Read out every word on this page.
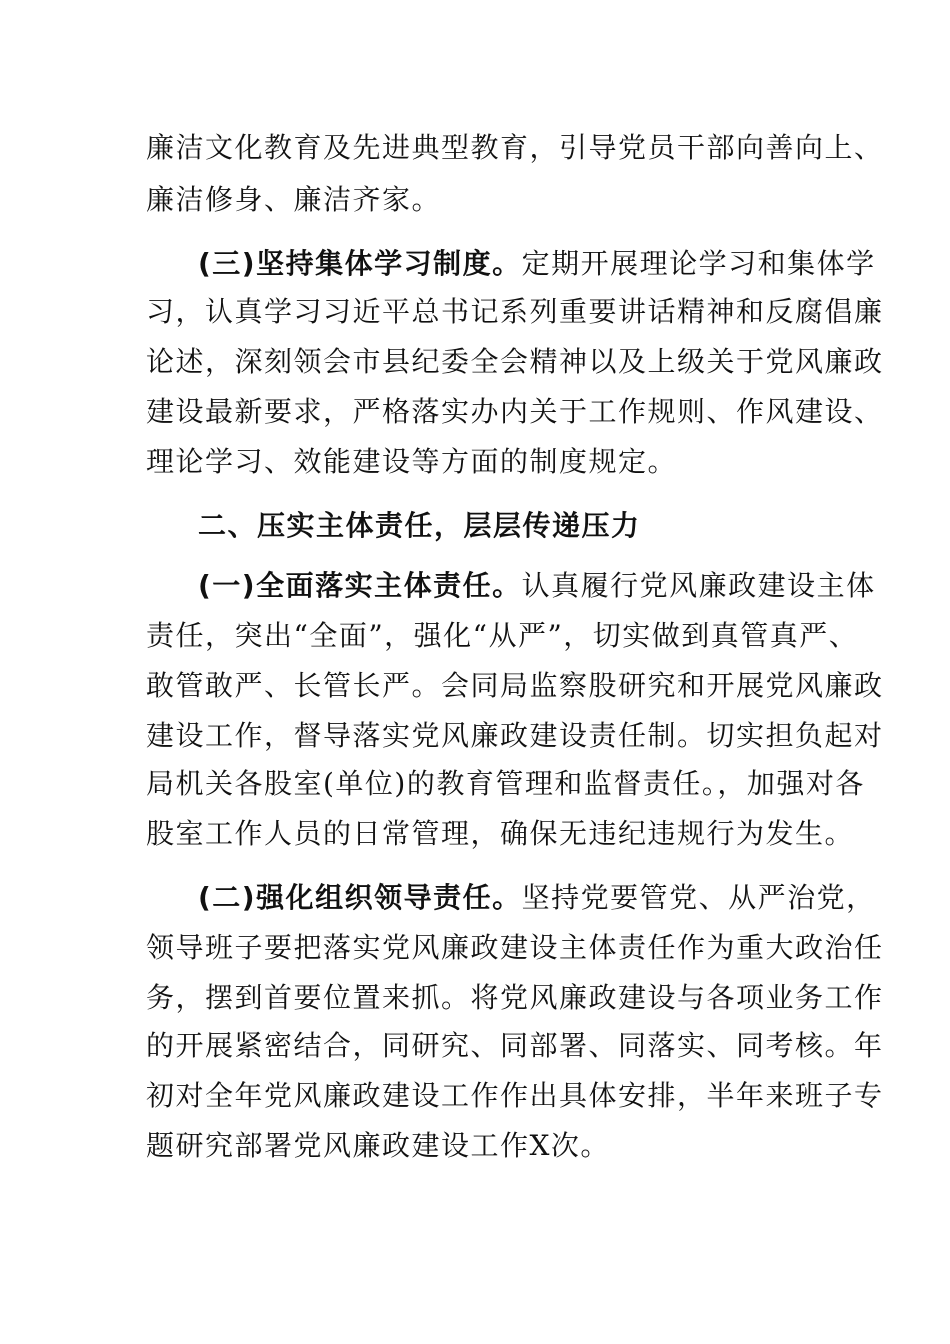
廉洁文化教育及先进典型教育，引导党员干部向善向上、
廉洁修身、廉洁齐家。
(三)坚持集体学习制度。定期开展理论学习和集体学
习，认真学习习近平总书记系列重要讲话精神和反腐倡廉
论述，深刻领会市县纪委全会精神以及上级关于党风廉政
建设最新要求，严格落实办内关于工作规则、作风建设、
理论学习、效能建设等方面的制度规定。
二、压实主体责任，层层传递压力
(一)全面落实主体责任。认真履行党风廉政建设主体
责任，突出“全面”，强化“从严”，切实做到真管真严、
敢管敢严、长管长严。会同局监察股研究和开展党风廉政
建设工作，督导落实党风廉政建设责任制。切实担负起对
局机关各股室(单位)的教育管理和监督责任。，加强对各
股室工作人员的日常管理，确保无违纪违规行为发生。
(二)强化组织领导责任。坚持党要管党、从严治党，
领导班子要把落实党风廉政建设主体责任作为重大政治任
务，摆到首要位置来抓。将党风廉政建设与各项业务工作
的开展紧密结合，同研究、同部署、同落实、同考核。年
初对全年党风廉政建设工作作出具体安排，半年来班子专
题研究部署党风廉政建设工作X次。
